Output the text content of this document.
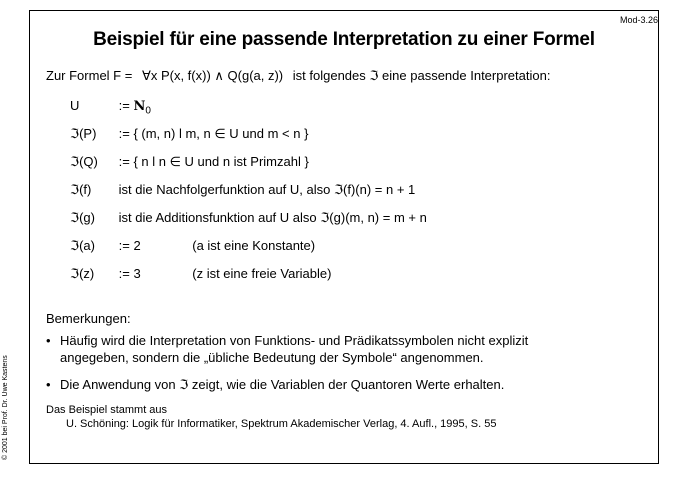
Mod-3.26
Beispiel für eine passende Interpretation zu einer Formel
Zur Formel F = ∀x P(x, f(x)) ∧ Q(g(a, z)) ist folgendes ℑ eine passende Interpretation:
U	:= $N_0$
ℑ(P) := { (m, n) l m, n ∈ U und m < n }
ℑ(Q) := { n l n ∈ U und n ist Primzahl }
ℑ(f) ist die Nachfolgerfunktion auf U, also ℑ(f)(n) = n + 1
ℑ(g) ist die Additionsfunktion auf U also ℑ(g)(m, n) = m + n
ℑ(a) := 2	(a ist eine Konstante)
ℑ(z) := 3	(z ist eine freie Variable)
Bemerkungen:
• Häufig wird die Interpretation von Funktions- und Prädikatssymbolen nicht explizit
angegeben, sondern die „übliche Bedeutung der Symbole“ angenommen.
• Die Anwendung von ℑ zeigt, wie die Variablen der Quantoren Werte erhalten.
Das Beispiel stammt aus
U. Schöning: Logik für Informatiker, Spektrum Akademischer Verlag, 4. Aufl., 1995, S. 55
© 2001 bei Prof. Dr. Uwe Kastens
